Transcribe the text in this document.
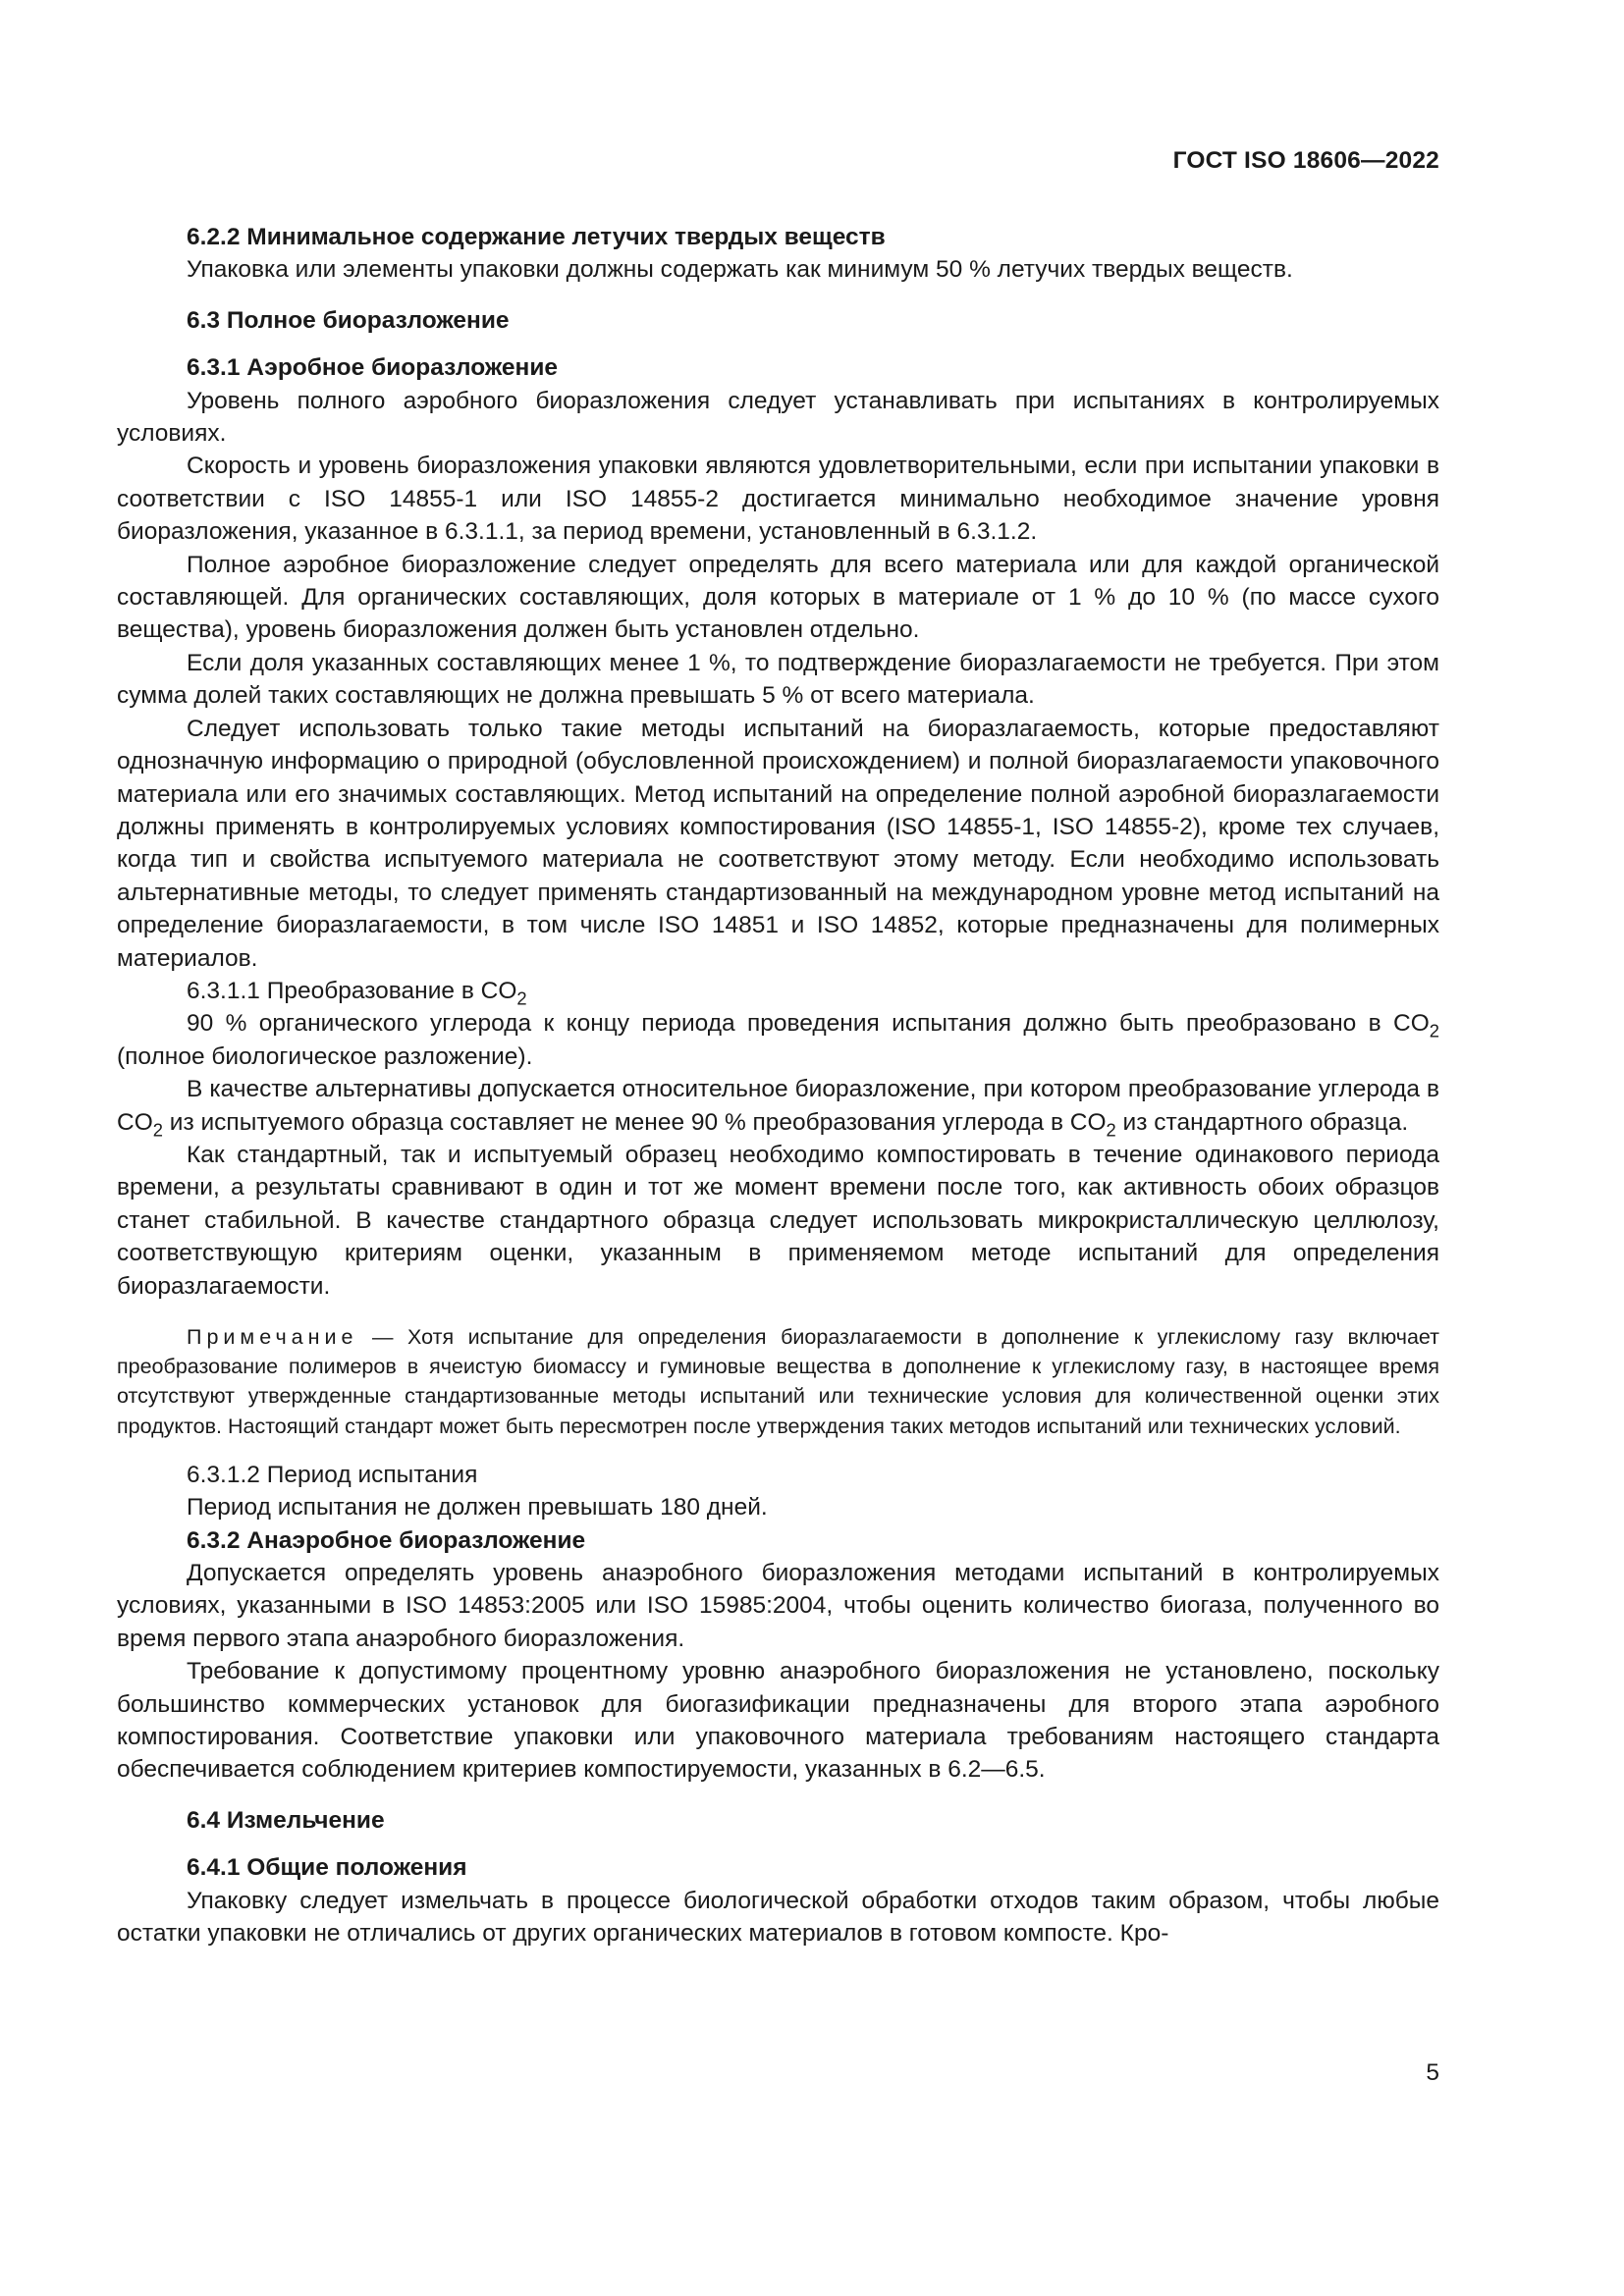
ГОСТ ISO 18606—2022

6.2.2 Минимальное содержание летучих твердых веществ

Упаковка или элементы упаковки должны содержать как минимум 50 % летучих твердых веществ.

6.3 Полное биоразложение

6.3.1 Аэробное биоразложение

Уровень полного аэробного биоразложения следует устанавливать при испытаниях в контролируемых условиях.

Скорость и уровень биоразложения упаковки являются удовлетворительными, если при испытании упаковки в соответствии с ISO 14855-1 или ISO 14855-2 достигается минимально необходимое значение уровня биоразложения, указанное в 6.3.1.1, за период времени, установленный в 6.3.1.2.

Полное аэробное биоразложение следует определять для всего материала или для каждой органической составляющей. Для органических составляющих, доля которых в материале от 1 % до 10 % (по массе сухого вещества), уровень биоразложения должен быть установлен отдельно.

Если доля указанных составляющих менее 1 %, то подтверждение биоразлагаемости не требуется. При этом сумма долей таких составляющих не должна превышать 5 % от всего материала.

Следует использовать только такие методы испытаний на биоразлагаемость, которые предоставляют однозначную информацию о природной (обусловленной происхождением) и полной биоразлагаемости упаковочного материала или его значимых составляющих. Метод испытаний на определение полной аэробной биоразлагаемости должны применять в контролируемых условиях компостирования (ISO 14855-1, ISO 14855-2), кроме тех случаев, когда тип и свойства испытуемого материала не соответствуют этому методу. Если необходимо использовать альтернативные методы, то следует применять стандартизованный на международном уровне метод испытаний на определение биоразлагаемости, в том числе ISO 14851 и ISO 14852, которые предназначены для полимерных материалов.

6.3.1.1 Преобразование в $CO_2$

90 % органического углерода к концу периода проведения испытания должно быть преобразовано в $CO_2$ (полное биологическое разложение).

В качестве альтернативы допускается относительное биоразложение, при котором преобразование углерода в $CO_2$ из испытуемого образца составляет не менее 90 % преобразования углерода в $CO_2$ из стандартного образца.

Как стандартный, так и испытуемый образец необходимо компостировать в течение одинакового периода времени, а результаты сравнивают в один и тот же момент времени после того, как активность обоих образцов станет стабильной. В качестве стандартного образца следует использовать микрокристаллическую целлюлозу, соответствующую критериям оценки, указанным в применяемом методе испытаний для определения биоразлагаемости.

Примечание — Хотя испытание для определения биоразлагаемости в дополнение к углекислому газу включает преобразование полимеров в ячеистую биомассу и гуминовые вещества в дополнение к углекислому газу, в настоящее время отсутствуют утвержденные стандартизованные методы испытаний или технические условия для количественной оценки этих продуктов. Настоящий стандарт может быть пересмотрен после утверждения таких методов испытаний или технических условий.

6.3.1.2 Период испытания

Период испытания не должен превышать 180 дней.

6.3.2 Анаэробное биоразложение

Допускается определять уровень анаэробного биоразложения методами испытаний в контролируемых условиях, указанными в ISO 14853:2005 или ISO 15985:2004, чтобы оценить количество биогаза, полученного во время первого этапа анаэробного биоразложения.

Требование к допустимому процентному уровню анаэробного биоразложения не установлено, поскольку большинство коммерческих установок для биогазификации предназначены для второго этапа аэробного компостирования. Соответствие упаковки или упаковочного материала требованиям настоящего стандарта обеспечивается соблюдением критериев компостируемости, указанных в 6.2—6.5.

6.4 Измельчение

6.4.1 Общие положения

Упаковку следует измельчать в процессе биологической обработки отходов таким образом, чтобы любые остатки упаковки не отличались от других органических материалов в готовом компосте. Кро-

5
